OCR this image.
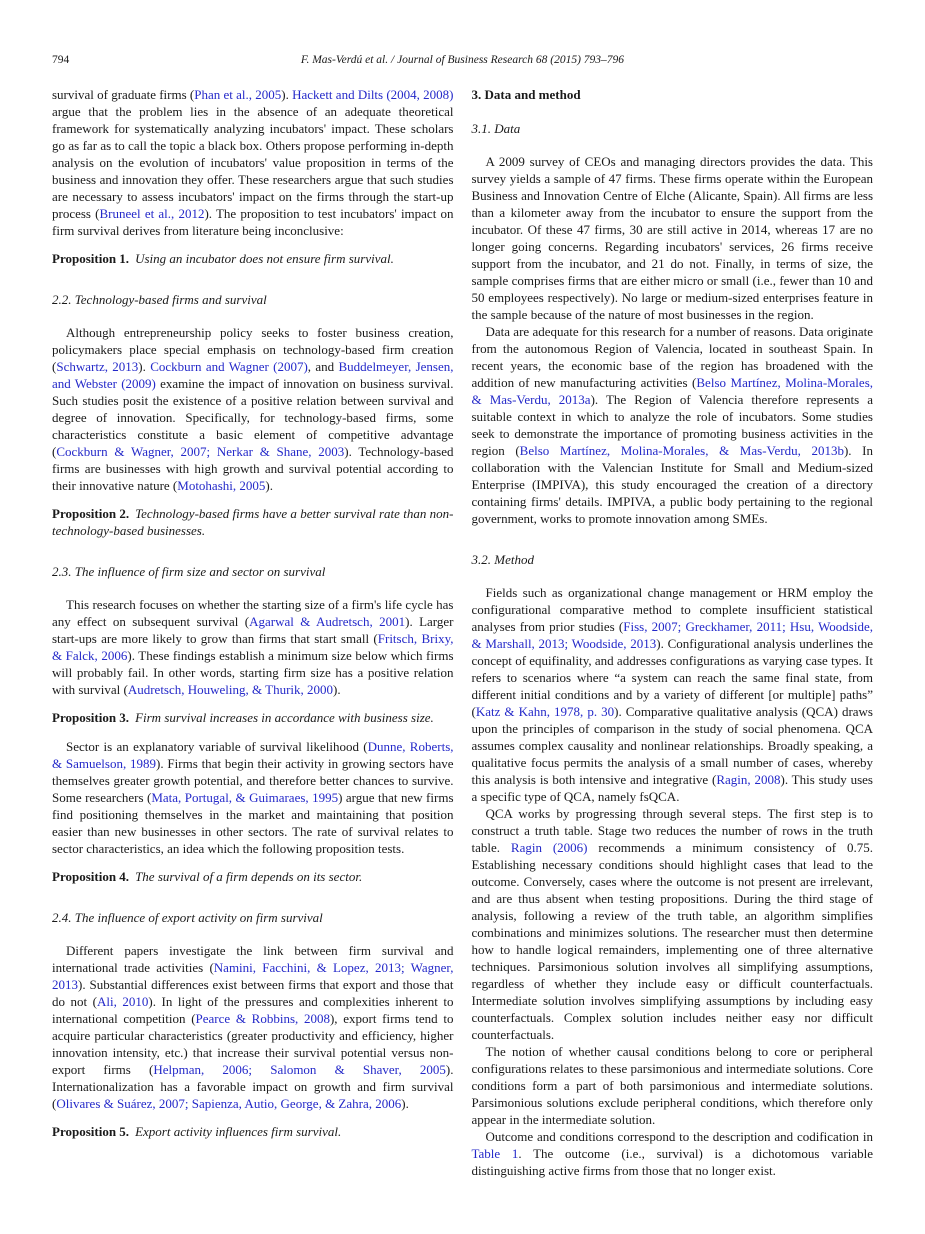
794	F. Mas-Verdú et al. / Journal of Business Research 68 (2015) 793–796

survival of graduate firms (Phan et al., 2005). Hackett and Dilts (2004, 2008) argue that the problem lies in the absence of an adequate theoretical framework for systematically analyzing incubators' impact. These scholars go as far as to call the topic a black box. Others propose performing in-depth analysis on the evolution of incubators' value proposition in terms of the business and innovation they offer. These researchers argue that such studies are necessary to assess incubators' impact on the firms through the start-up process (Bruneel et al., 2012). The proposition to test incubators' impact on firm survival derives from literature being inconclusive:

Proposition 1. Using an incubator does not ensure firm survival.

2.2. Technology-based firms and survival

Although entrepreneurship policy seeks to foster business creation, policymakers place special emphasis on technology-based firm creation (Schwartz, 2013). Cockburn and Wagner (2007), and Buddelmeyer, Jensen, and Webster (2009) examine the impact of innovation on business survival. Such studies posit the existence of a positive relation between survival and degree of innovation. Specifically, for technology-based firms, some characteristics constitute a basic element of competitive advantage (Cockburn & Wagner, 2007; Nerkar & Shane, 2003). Technology-based firms are businesses with high growth and survival potential according to their innovative nature (Motohashi, 2005).

Proposition 2. Technology-based firms have a better survival rate than non-technology-based businesses.

2.3. The influence of firm size and sector on survival

This research focuses on whether the starting size of a firm's life cycle has any effect on subsequent survival (Agarwal & Audretsch, 2001). Larger start-ups are more likely to grow than firms that start small (Fritsch, Brixy, & Falck, 2006). These findings establish a minimum size below which firms will probably fail. In other words, starting firm size has a positive relation with survival (Audretsch, Houweling, & Thurik, 2000).

Proposition 3. Firm survival increases in accordance with business size.

Sector is an explanatory variable of survival likelihood (Dunne, Roberts, & Samuelson, 1989). Firms that begin their activity in growing sectors have themselves greater growth potential, and therefore better chances to survive. Some researchers (Mata, Portugal, & Guimaraes, 1995) argue that new firms find positioning themselves in the market and maintaining that position easier than new businesses in other sectors. The rate of survival relates to sector characteristics, an idea which the following proposition tests.

Proposition 4. The survival of a firm depends on its sector.

2.4. The influence of export activity on firm survival

Different papers investigate the link between firm survival and international trade activities (Namini, Facchini, & Lopez, 2013; Wagner, 2013). Substantial differences exist between firms that export and those that do not (Ali, 2010). In light of the pressures and complexities inherent to international competition (Pearce & Robbins, 2008), export firms tend to acquire particular characteristics (greater productivity and efficiency, higher innovation intensity, etc.) that increase their survival potential versus non-export firms (Helpman, 2006; Salomon & Shaver, 2005). Internationalization has a favorable impact on growth and firm survival (Olivares & Suárez, 2007; Sapienza, Autio, George, & Zahra, 2006).

Proposition 5. Export activity influences firm survival.

3. Data and method
3.1. Data

A 2009 survey of CEOs and managing directors provides the data. This survey yields a sample of 47 firms. These firms operate within the European Business and Innovation Centre of Elche (Alicante, Spain). All firms are less than a kilometer away from the incubator to ensure the support from the incubator. Of these 47 firms, 30 are still active in 2014, whereas 17 are no longer going concerns. Regarding incubators' services, 26 firms receive support from the incubator, and 21 do not. Finally, in terms of size, the sample comprises firms that are either micro or small (i.e., fewer than 10 and 50 employees respectively). No large or medium-sized enterprises feature in the sample because of the nature of most businesses in the region.

Data are adequate for this research for a number of reasons. Data originate from the autonomous Region of Valencia, located in southeast Spain. In recent years, the economic base of the region has broadened with the addition of new manufacturing activities (Belso Martínez, Molina-Morales, & Mas-Verdu, 2013a). The Region of Valencia therefore represents a suitable context in which to analyze the role of incubators. Some studies seek to demonstrate the importance of promoting business activities in the region (Belso Martínez, Molina-Morales, & Mas-Verdu, 2013b). In collaboration with the Valencian Institute for Small and Medium-sized Enterprise (IMPIVA), this study encouraged the creation of a directory containing firms' details. IMPIVA, a public body pertaining to the regional government, works to promote innovation among SMEs.

3.2. Method

Fields such as organizational change management or HRM employ the configurational comparative method to complete insufficient statistical analyses from prior studies (Fiss, 2007; Greckhamer, 2011; Hsu, Woodside, & Marshall, 2013; Woodside, 2013). Configurational analysis underlines the concept of equifinality, and addresses configurations as varying case types. It refers to scenarios where “a system can reach the same final state, from different initial conditions and by a variety of different [or multiple] paths” (Katz & Kahn, 1978, p. 30). Comparative qualitative analysis (QCA) draws upon the principles of comparison in the study of social phenomena. QCA assumes complex causality and nonlinear relationships. Broadly speaking, a qualitative focus permits the analysis of a small number of cases, whereby this analysis is both intensive and integrative (Ragin, 2008). This study uses a specific type of QCA, namely fsQCA.

QCA works by progressing through several steps. The first step is to construct a truth table. Stage two reduces the number of rows in the truth table. Ragin (2006) recommends a minimum consistency of 0.75. Establishing necessary conditions should highlight cases that lead to the outcome. Conversely, cases where the outcome is not present are irrelevant, and are thus absent when testing propositions. During the third stage of analysis, following a review of the truth table, an algorithm simplifies combinations and minimizes solutions. The researcher must then determine how to handle logical remainders, implementing one of three alternative techniques. Parsimonious solution involves all simplifying assumptions, regardless of whether they include easy or difficult counterfactuals. Intermediate solution involves simplifying assumptions by including easy counterfactuals. Complex solution includes neither easy nor difficult counterfactuals.

The notion of whether causal conditions belong to core or peripheral configurations relates to these parsimonious and intermediate solutions. Core conditions form a part of both parsimonious and intermediate solutions. Parsimonious solutions exclude peripheral conditions, which therefore only appear in the intermediate solution.

Outcome and conditions correspond to the description and codification in Table 1. The outcome (i.e., survival) is a dichotomous variable distinguishing active firms from those that no longer exist.
